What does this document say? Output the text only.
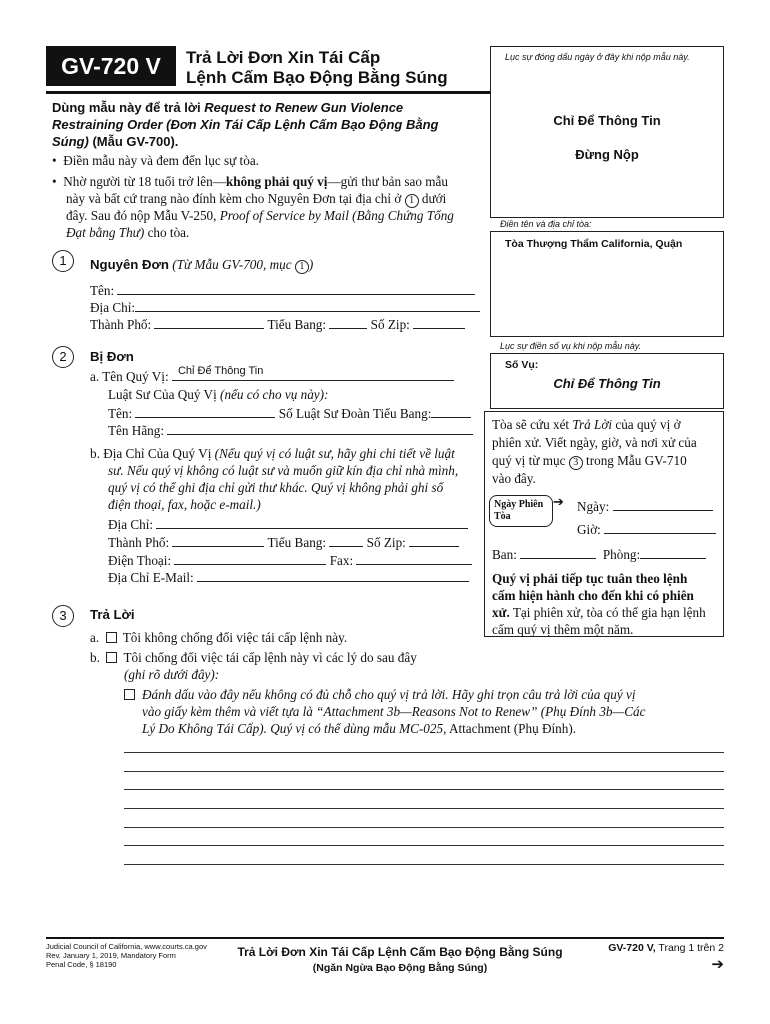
GV-720 V	Trả Lời Đơn Xin Tái Cấp
Lệnh Cấm Bạo Động Bằng Súng
Lục sự đóng dấu ngày ở đây khi nộp mẫu này.
Chỉ Để Thông Tin
Đừng Nộp
Điền tên và địa chỉ tòa:
Tòa Thượng Thẩm California, Quận
Lục sự điền số vụ khi nộp mẫu này.
Số Vụ:
Chỉ Để Thông Tin
Dùng mẫu này để trả lời Request to Renew Gun Violence
Restraining Order (Đơn Xin Tái Cấp Lệnh Cấm Bạo Động Bằng
Súng) (Mẫu GV-700).
•  Điền mẫu này và đem đến lục sự tòa.
•  Nhờ người từ 18 tuổi trở lên—không phải quý vị—gửi thư bản sao mẫu
này và bất cứ trang nào đính kèm cho Nguyên Đơn tại địa chỉ ở 1 dưới
đây. Sau đó nộp Mẫu V-250, Proof of Service by Mail (Bằng Chứng Tống
Đạt bằng Thư) cho tòa.
1	Nguyên Đơn (Từ Mẫu GV-700, mục 1 )
Tên:
Địa Chỉ:
Thành Phố:	Tiểu Bang:	Số Zip:
2	Bị Đơn
a. Tên Quý Vị: Chỉ Để Thông Tin
Luật Sư Của Quý Vị (nếu có cho vụ này):
Tên:	Số Luật Sư Đoàn Tiểu Bang:
Tên Hãng:
b. Địa Chỉ Của Quý Vị (Nếu quý vị có luật sư, hãy ghi chi tiết về luật
sư. Nếu quý vị không có luật sư và muốn giữ kín địa chỉ nhà mình,
quý vị có thể ghi địa chỉ gửi thư khác. Quý vị không phải ghi số
điện thoại, fax, hoặc e-mail.)
Địa Chỉ:
Thành Phố:	Tiểu Bang:	Số Zip:
Điện Thoại:	Fax:
Địa Chỉ E-Mail:
Tòa sẽ cứu xét Trả Lời của quý vị ở
phiên xử. Viết ngày, giờ, và nơi xử của
quý vị từ mục 3 trong Mẫu GV-710
vào đây.
Ngày Phiên
Tòa
➔ Ngày:
Giờ:
Ban:	Phòng:
Quý vị phải tiếp tục tuân theo lệnh
cấm hiện hành cho đến khi có phiên
xử. Tại phiên xử, tòa có thể gia hạn lệnh
cấm quý vị thêm một năm.
3	Trả Lời
a. Tôi không chống đối việc tái cấp lệnh này.
b. Tôi chống đối việc tái cấp lệnh này vì các lý do sau đây
(ghi rõ dưới đây):
Đánh dấu vào đây nếu không có đủ chỗ cho quý vị trả lời. Hãy ghi trọn câu trả lời của quý vị
vào giấy kèm thêm và viết tựa là “Attachment 3b—Reasons Not to Renew” (Phụ Đính 3b—Các
Lý Do Không Tái Cấp). Quý vị có thể dùng mẫu MC-025, Attachment (Phụ Đính).
Judicial Council of California, www.courts.ca.gov
Rev. January 1, 2019, Mandatory Form
Penal Code, § 18190
Trả Lời Đơn Xin Tái Cấp Lệnh Cấm Bạo Động Bằng Súng
(Ngăn Ngừa Bạo Động Bằng Súng)
GV-720 V, Trang 1 trên 2
➔
